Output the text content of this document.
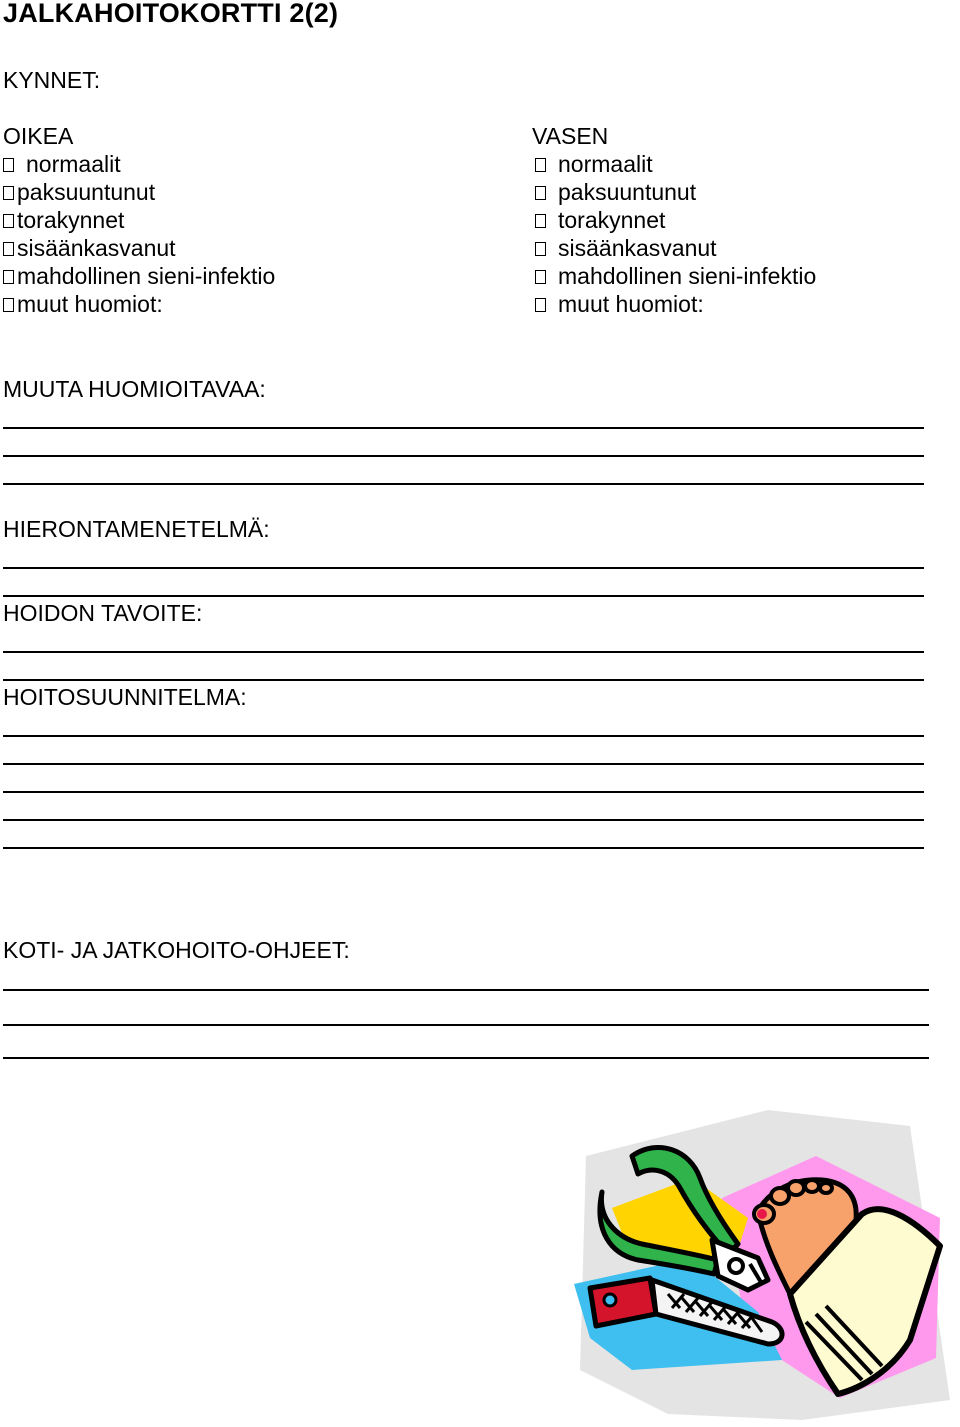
JALKAHOITOKORTTI 2(2)
KYNNET:
OIKEA
normaalit
paksuuntunut
torakynnet
sisäänkasvanut
mahdollinen sieni-infektio
muut huomiot:
VASEN
normaalit
paksuuntunut
torakynnet
sisäänkasvanut
mahdollinen sieni-infektio
muut huomiot:
MUUTA HUOMIOITAVAA:
HIERONTAMENETELMÄ:
HOIDON TAVOITE:
HOITOSUUNNITELMA:
KOTI- JA JATKOHOITO-OHJEET:
